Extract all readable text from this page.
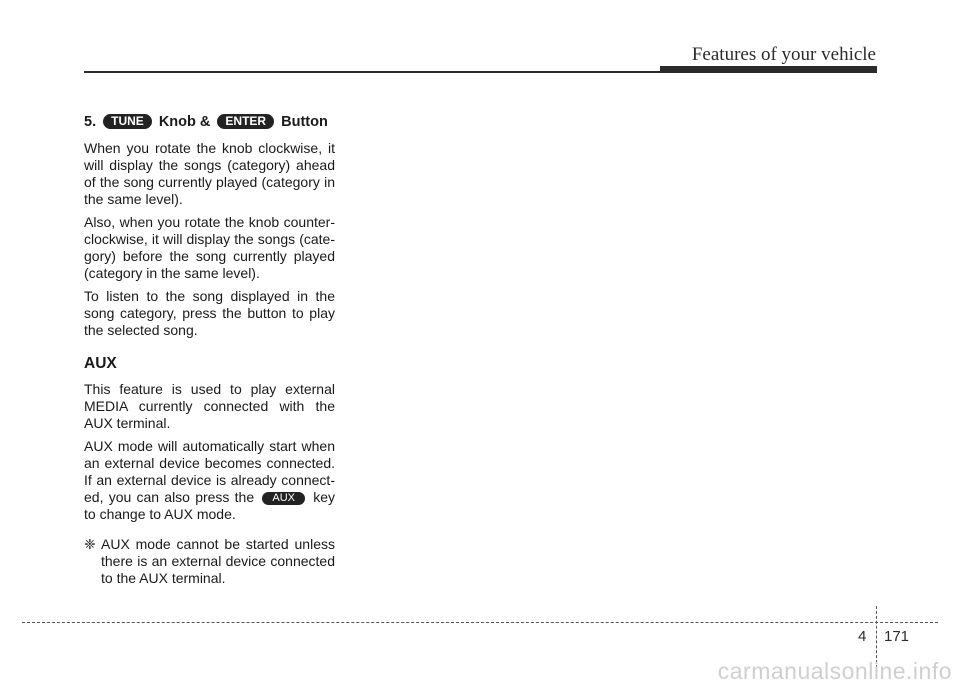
Features of your vehicle
5. TUNE Knob & ENTER Button

When you rotate the knob clockwise, it will display the songs (category) ahead of the song currently played (category in the same level).

Also, when you rotate the knob counter-clockwise, it will display the songs (cate-gory) before the song currently played (category in the same level).

To listen to the song displayed in the song category, press the button to play the selected song.

AUX

This feature is used to play external MEDIA currently connected with the AUX terminal.

AUX mode will automatically start when an external device becomes connected. If an external device is already connect-ed, you can also press the AUX key to change to AUX mode.

❈ AUX mode cannot be started unless there is an external device connected to the AUX terminal.
4 171
carmanualsonline.info
